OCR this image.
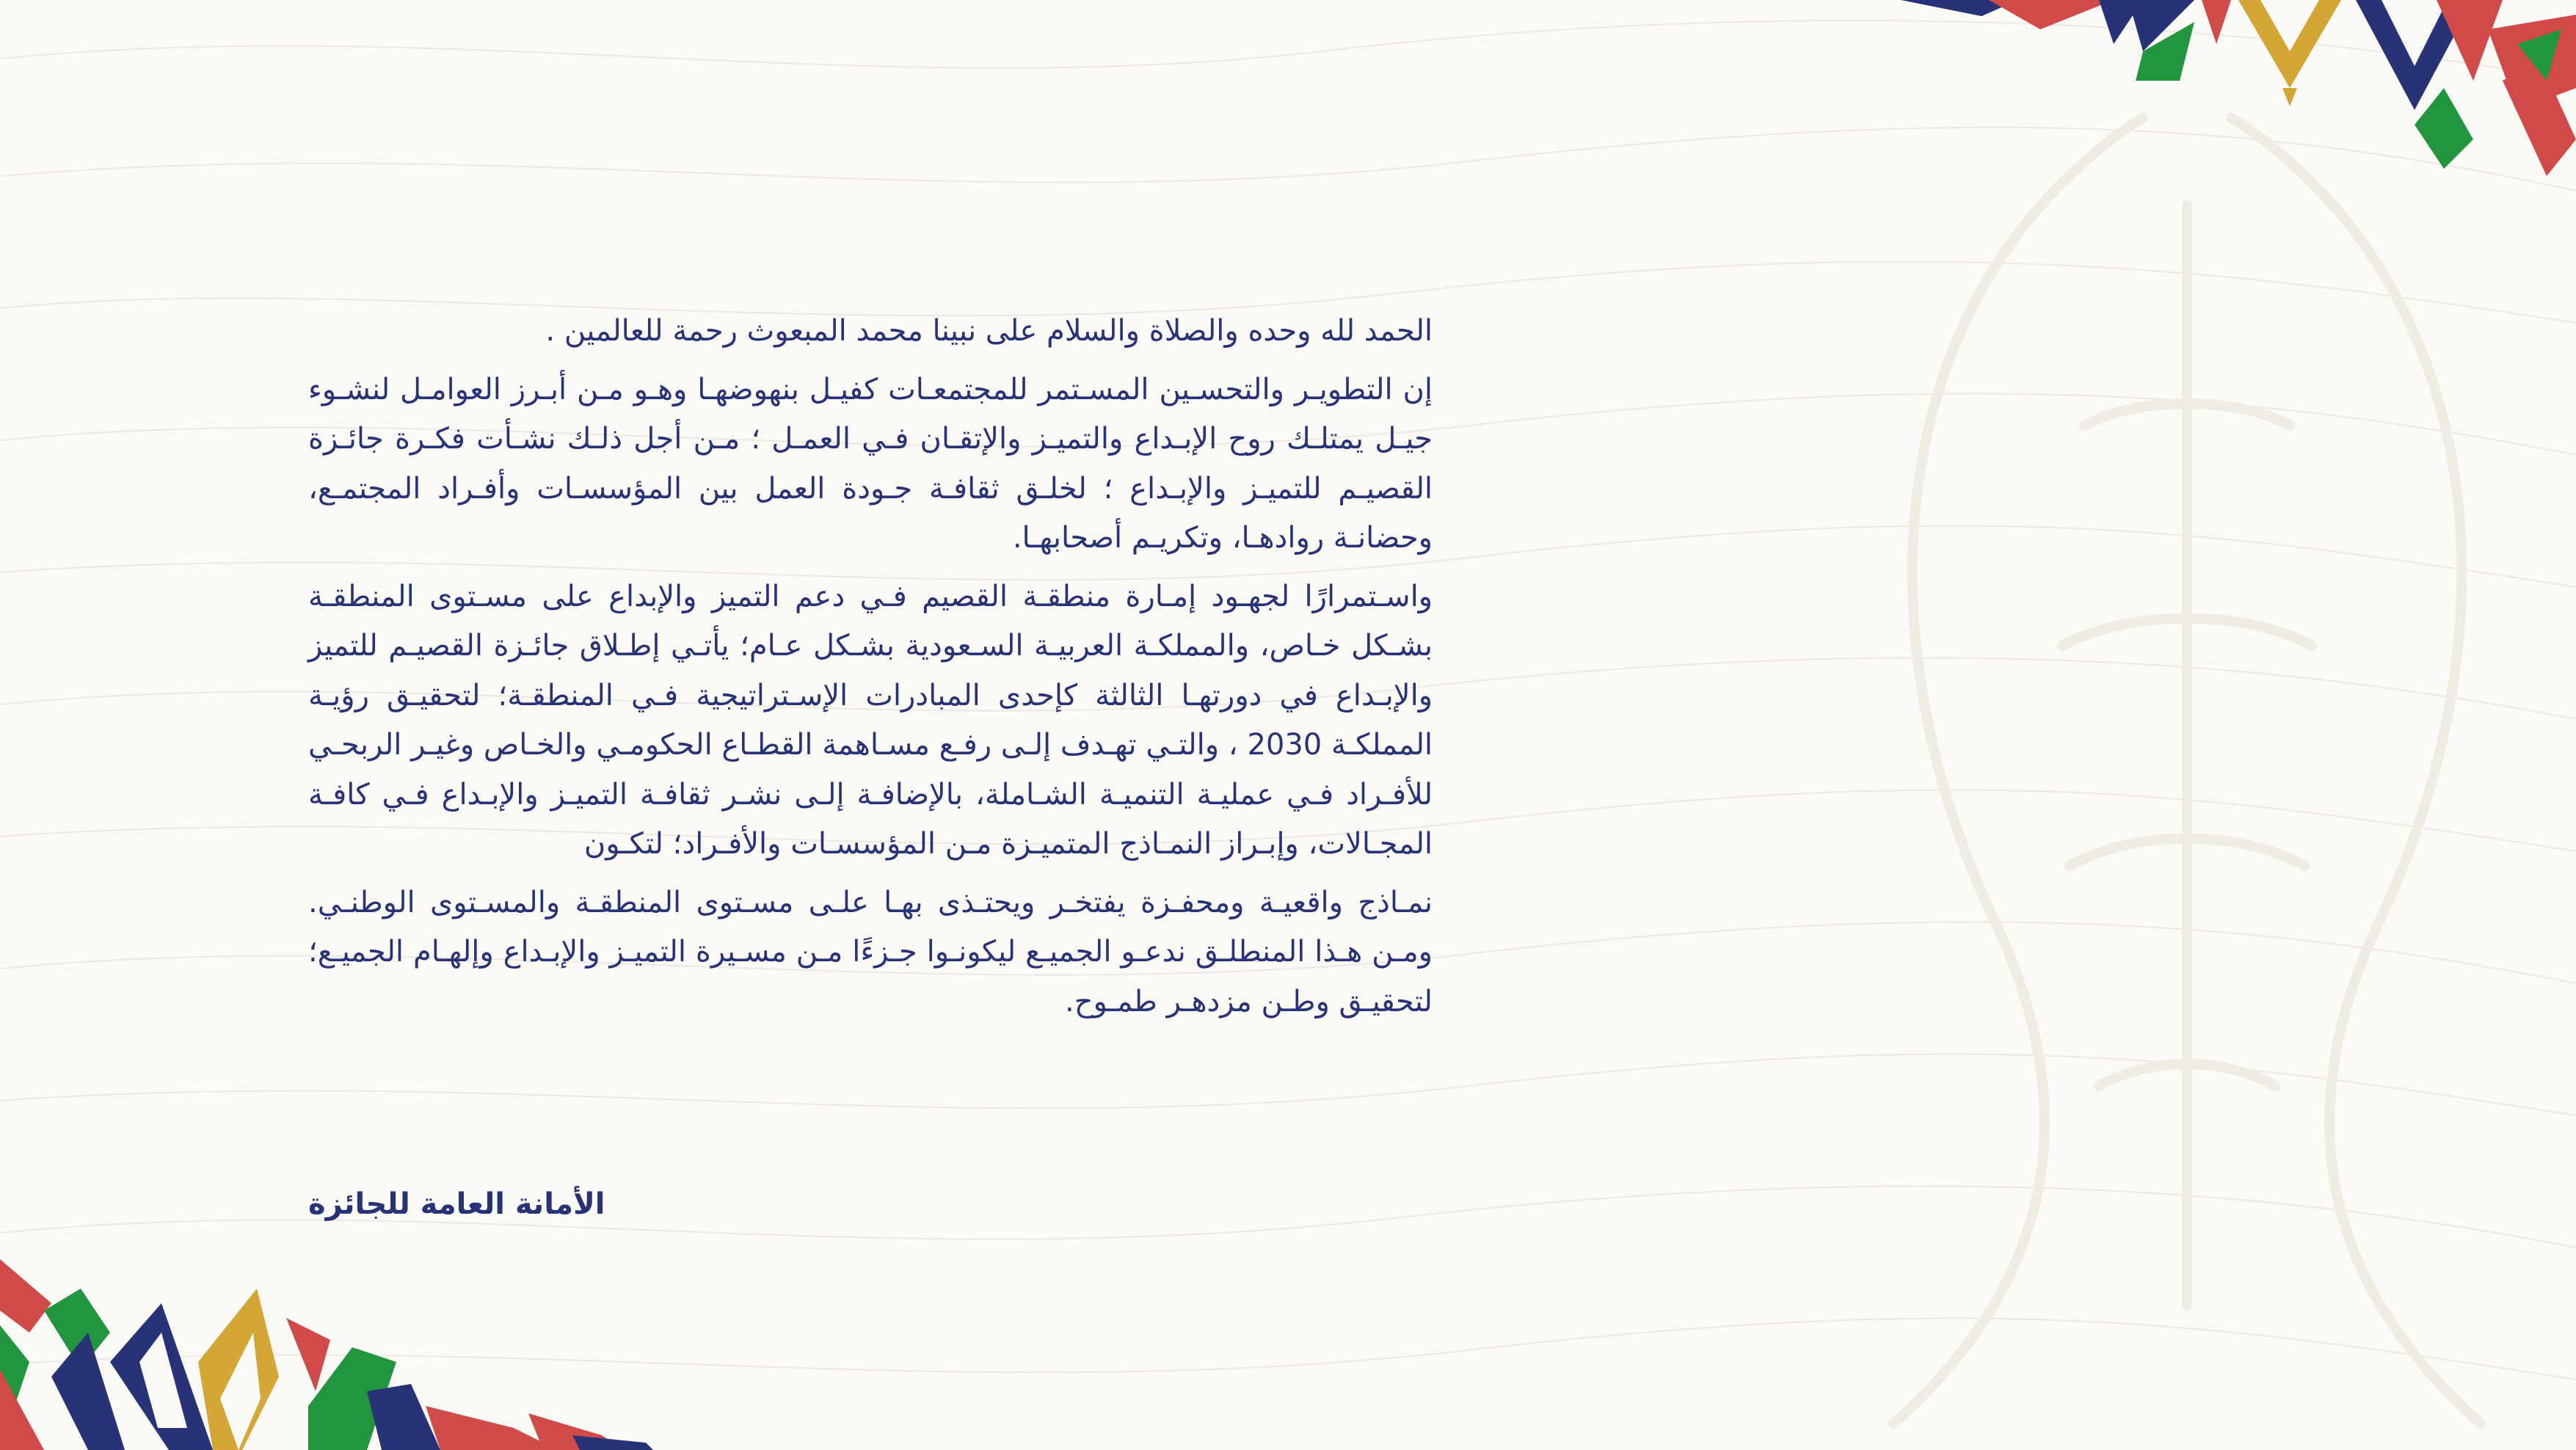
الحمد لله وحده والصلاة والسلام على نبينا محمد المبعوث رحمة للعالمين .

إن التطويـر والتحسـين المسـتمر للمجتمعـات كفيـل بنهوضهـا وهـو مـن أبـرز العوامـل لنشـوء جيـل يمتلـك روح الإبـداع والتميـز والإتقـان فـي العمـل ؛ مـن أجل ذلـك نشـأت فكـرة جائـزة القصيـم للتميـز والإبـداع ؛ لخلـق ثقافـة جـودة العمل بين المؤسسـات وأفـراد المجتمـع، وحضانـة روادهـا، وتكريـم أصحابهـا.

واسـتمرارًا لجهـود إمـارة منطقـة القصيم فـي دعم التميز والإبداع على مسـتوى المنطقـة بشـكل خـاص، والمملكـة العربيـة السـعودية بشـكل عـام؛ يأتـي إطـلاق جائـزة القصيـم للتميز والإبـداع في دورتهـا الثالثة كإحدى المبادرات الإسـتراتيجية فـي المنطقـة؛ لتحقيـق رؤيـة المملكـة 2030 ، والتـي تهـدف إلـى رفـع مسـاهمة القطـاع الحكومـي والخـاص وغيـر الربحـي للأفـراد فـي عمليـة التنميـة الشـاملة، بالإضافـة إلـى نشـر ثقافـة التميـز والإبـداع فـي كافـة المجـالات، وإبـراز النمـاذج المتميـزة مـن المؤسسـات والأفـراد؛ لتكـون

نمـاذج واقعيـة ومحفـزة يفتخـر ويحتـذى بهـا علـى مسـتوى المنطقـة والمسـتوى الوطنـي. ومـن هـذا المنطلـق ندعـو الجميـع ليكونـوا جـزءًا مـن مسـيرة التميـز والإبـداع وإلهـام الجميـع؛ لتحقيـق وطـن مزدهـر طمـوح.

الأمانة العامة للجائزة
